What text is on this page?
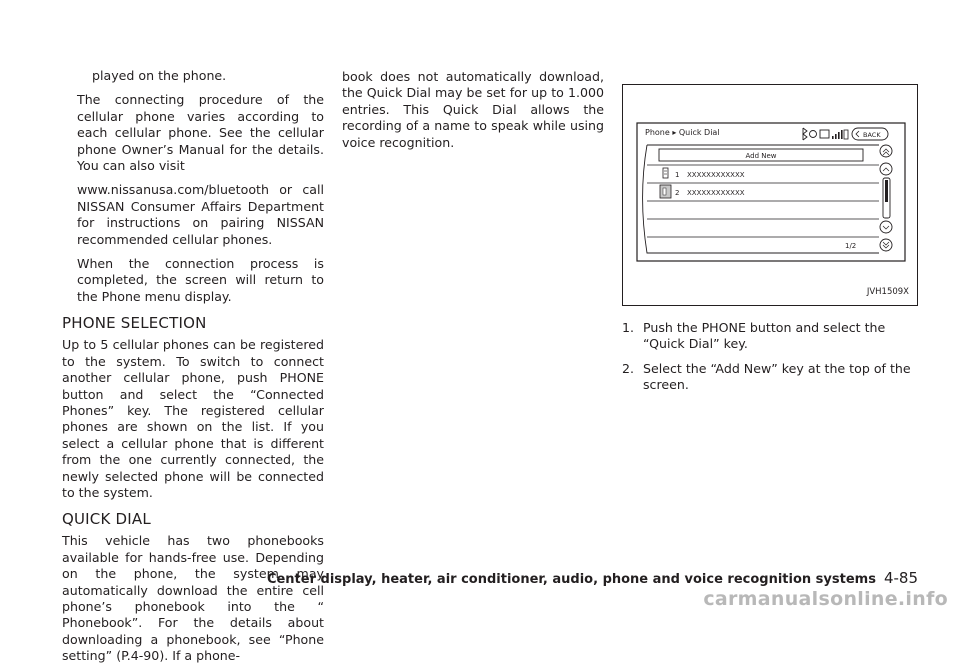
played on the phone.

The connecting procedure of the cellular phone varies according to each cellular phone. See the cellular phone Owner’s Manual for the details. You can also visit

www.nissanusa.com/bluetooth or call NISSAN Consumer Affairs Department for instructions on pairing NISSAN recommended cellular phones.

When the connection process is completed, the screen will return to the Phone menu display.

PHONE SELECTION

Up to 5 cellular phones can be registered to the system. To switch to connect another cellular phone, push PHONE button and select the “Connected Phones” key. The registered cellular phones are shown on the list. If you select a cellular phone that is different from the one currently connected, the newly selected phone will be connected to the system.

QUICK DIAL

This vehicle has two phonebooks available for hands-free use. Depending on the phone, the system may automatically download the entire cell phone’s phonebook into the “ Phonebook”. For the details about downloading a phonebook, see “Phone setting” (P.4-90). If a phone-

book does not automatically download, the Quick Dial may be set for up to 1.000 entries. This Quick Dial allows the recording of a name to speak while using voice recognition.

Phone ▸ Quick Dial	BACK
Add New
1 XXXXXXXXXXXX
2 XXXXXXXXXXXX
1/2
JVH1509X
1. Push the PHONE button and select the “Quick Dial” key.
2. Select the “Add New” key at the top of the screen.
Center display, heater, air conditioner, audio, phone and voice recognition systems 4-85
carmanualsonline.info
